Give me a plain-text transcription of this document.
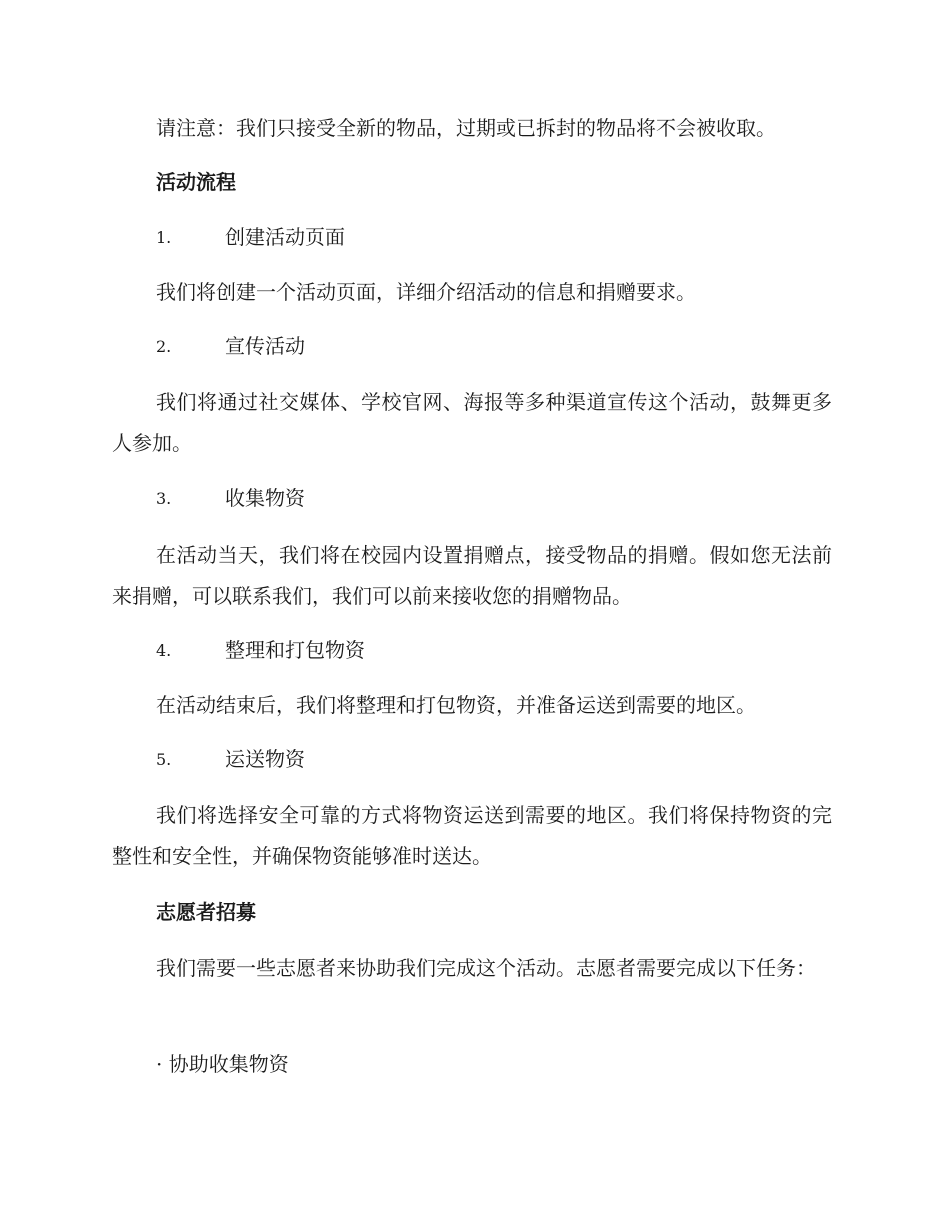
请注意：我们只接受全新的物品，过期或已拆封的物品将不会被收取。
活动流程
1.	创建活动页面
我们将创建一个活动页面，详细介绍活动的信息和捐赠要求。
2.	宣传活动
我们将通过社交媒体、学校官网、海报等多种渠道宣传这个活动，鼓舞更多人参加。
3.	收集物资
在活动当天，我们将在校园内设置捐赠点，接受物品的捐赠。假如您无法前来捐赠，可以联系我们，我们可以前来接收您的捐赠物品。
4.	整理和打包物资
在活动结束后，我们将整理和打包物资，并准备运送到需要的地区。
5.	运送物资
我们将选择安全可靠的方式将物资运送到需要的地区。我们将保持物资的完整性和安全性，并确保物资能够准时送达。
志愿者招募
我们需要一些志愿者来协助我们完成这个活动。志愿者需要完成以下任务：
· 协助收集物资
